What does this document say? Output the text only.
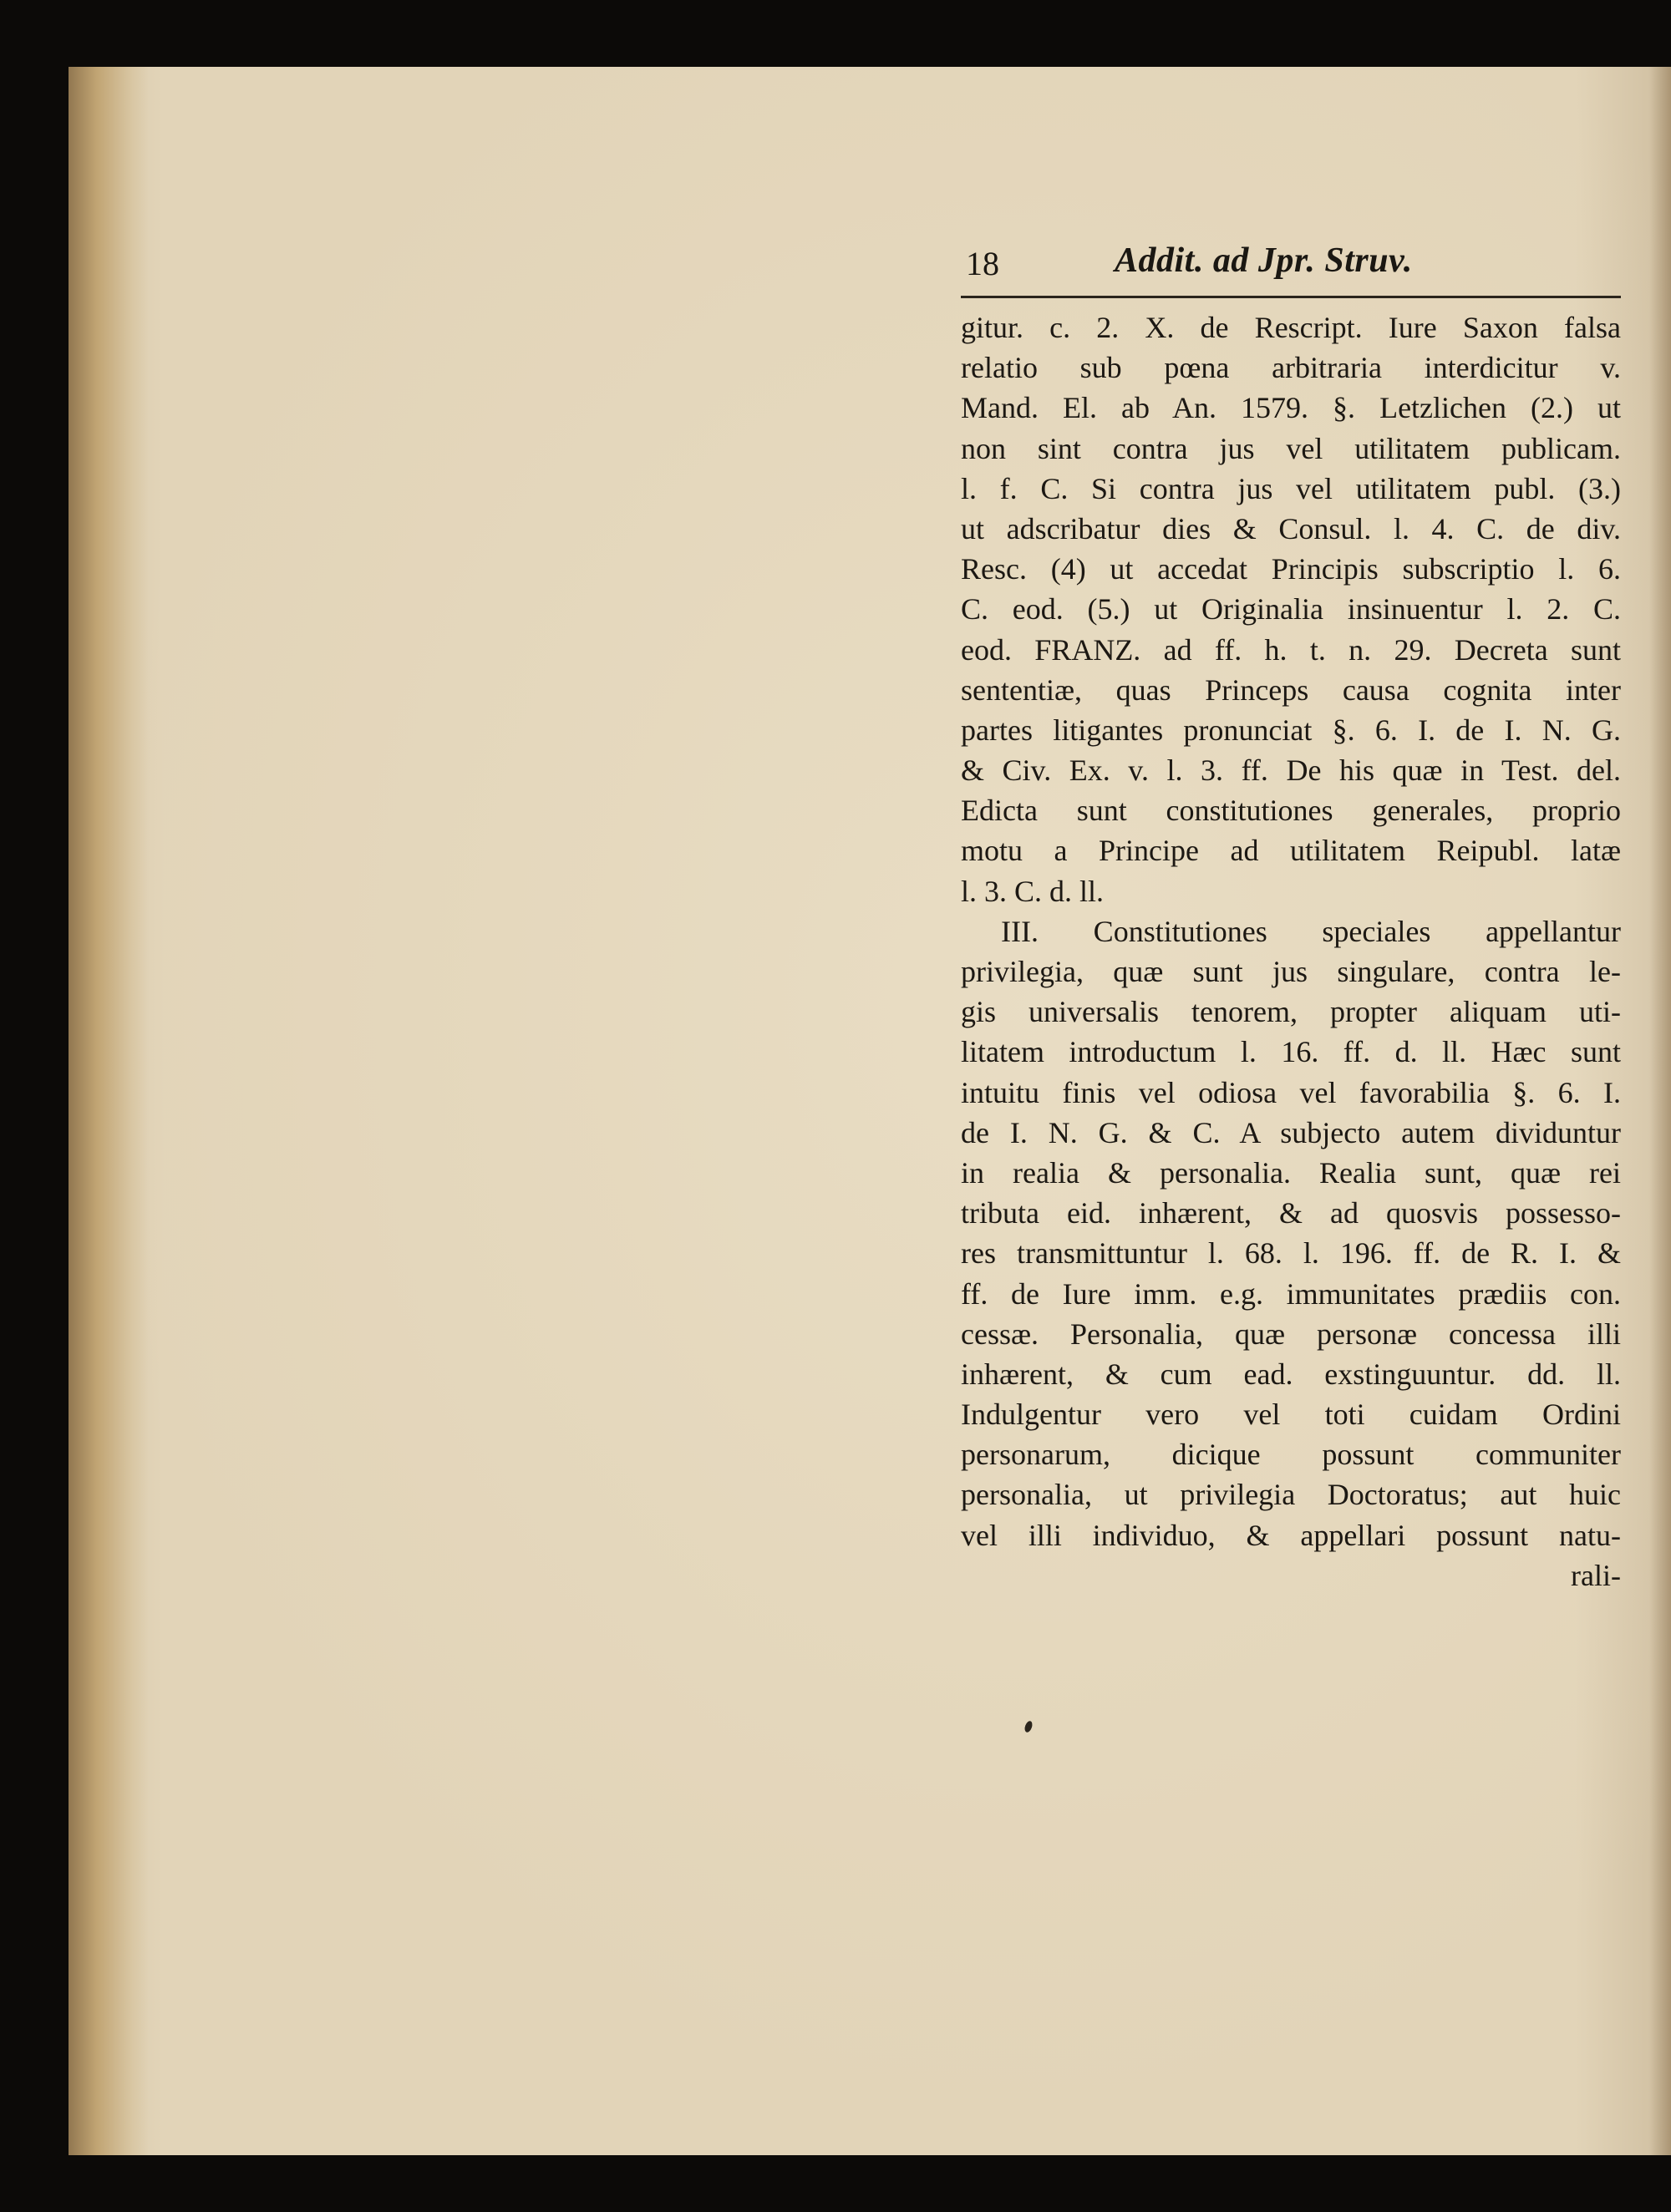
18	Addit. ad Jpr. Struv.
gitur. c. 2. X. de Rescript. Iure Saxon falsa
relatio sub pœna arbitraria interdicitur v.
Mand. El. ab An. 1579. §. Letzlichen (2.) ut
non sint contra jus vel utilitatem publicam.
l. f. C. Si contra jus vel utilitatem publ. (3.)
ut adscribatur dies & Consul. l. 4. C. de div.
Resc. (4) ut accedat Principis subscriptio l. 6.
C. eod. (5.) ut Originalia insinuentur l. 2. C.
eod. FRANZ. ad ff. h. t. n. 29. Decreta sunt
sententiæ, quas Princeps causa cognita inter
partes litigantes pronunciat §. 6. I. de I. N. G.
& Civ. Ex. v. l. 3. ff. De his quæ in Test. del.
Edicta sunt constitutiones generales, proprio
motu a Principe ad utilitatem Reipubl. latæ
l. 3. C. d. ll.
III. Constitutiones speciales appellantur
privilegia, quæ sunt jus singulare, contra le-
gis universalis tenorem, propter aliquam uti-
litatem introductum l. 16. ff. d. ll. Hæc sunt
intuitu finis vel odiosa vel favorabilia §. 6. I.
de I. N. G. & C. A subjecto autem dividuntur
in realia & personalia. Realia sunt, quæ rei
tributa eid. inhærent, & ad quosvis possesso-
res transmittuntur l. 68. l. 196. ff. de R. I. &
ff. de Iure imm. e.g. immunitates prædiis con.
cessæ. Personalia, quæ personæ concessa illi
inhærent, & cum ead. exstinguuntur. dd. ll.
Indulgentur vero vel toti cuidam Ordini
personarum, dicique possunt communiter
personalia, ut privilegia Doctoratus; aut huic
vel illi individuo, & appellari possunt natu-
rali-
